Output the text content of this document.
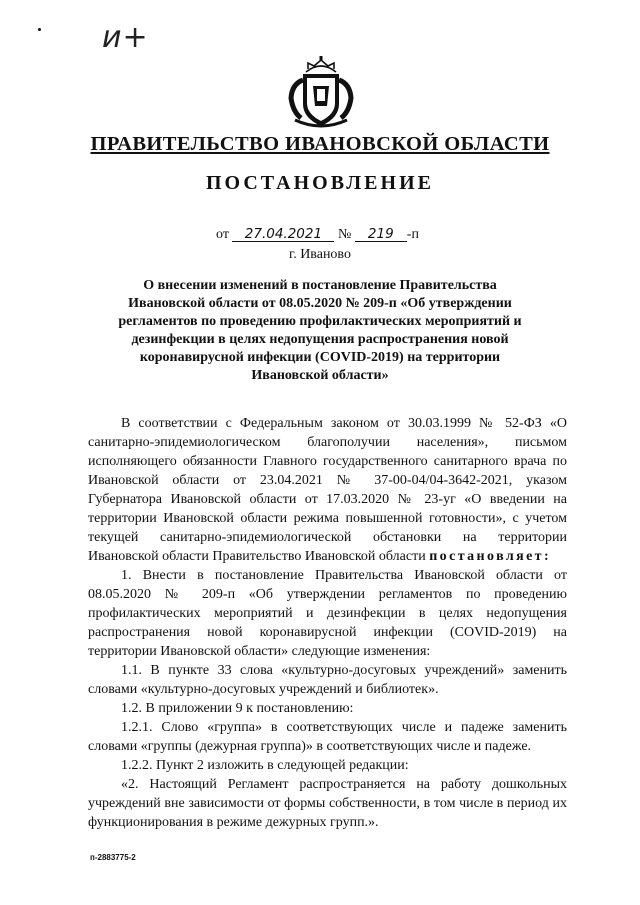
и+
ПРАВИТЕЛЬСТВО ИВАНОВСКОЙ ОБЛАСТИ
ПОСТАНОВЛЕНИЕ
от 27.04.2021 № 219 -п
г. Иваново
О внесении изменений в постановление Правительства Ивановской области от 08.05.2020 № 209-п «Об утверждении регламентов по проведению профилактических мероприятий и дезинфекции в целях недопущения распространения новой коронавирусной инфекции (COVID-2019) на территории Ивановской области»

В соответствии с Федеральным законом от 30.03.1999 № 52-ФЗ «О санитарно-эпидемиологическом благополучии населения», письмом исполняющего обязанности Главного государственного санитарного врача по Ивановской области от 23.04.2021 № 37-00-04/04-3642-2021, указом Губернатора Ивановской области от 17.03.2020 № 23-уг «О введении на территории Ивановской области режима повышенной готовности», с учетом текущей санитарно-эпидемиологической обстановки на территории Ивановской области Правительство Ивановской области постановляет:

1. Внести в постановление Правительства Ивановской области от 08.05.2020 № 209-п «Об утверждении регламентов по проведению профилактических мероприятий и дезинфекции в целях недопущения распространения новой коронавирусной инфекции (COVID-2019) на территории Ивановской области» следующие изменения:

1.1. В пункте 33 слова «культурно-досуговых учреждений» заменить словами «культурно-досуговых учреждений и библиотек».

1.2. В приложении 9 к постановлению:

1.2.1. Слово «группа» в соответствующих числе и падеже заменить словами «группы (дежурная группа)» в соответствующих числе и падеже.

1.2.2. Пункт 2 изложить в следующей редакции:

«2. Настоящий Регламент распространяется на работу дошкольных учреждений вне зависимости от формы собственности, в том числе в период их функционирования в режиме дежурных групп.».

п-2883775-2
